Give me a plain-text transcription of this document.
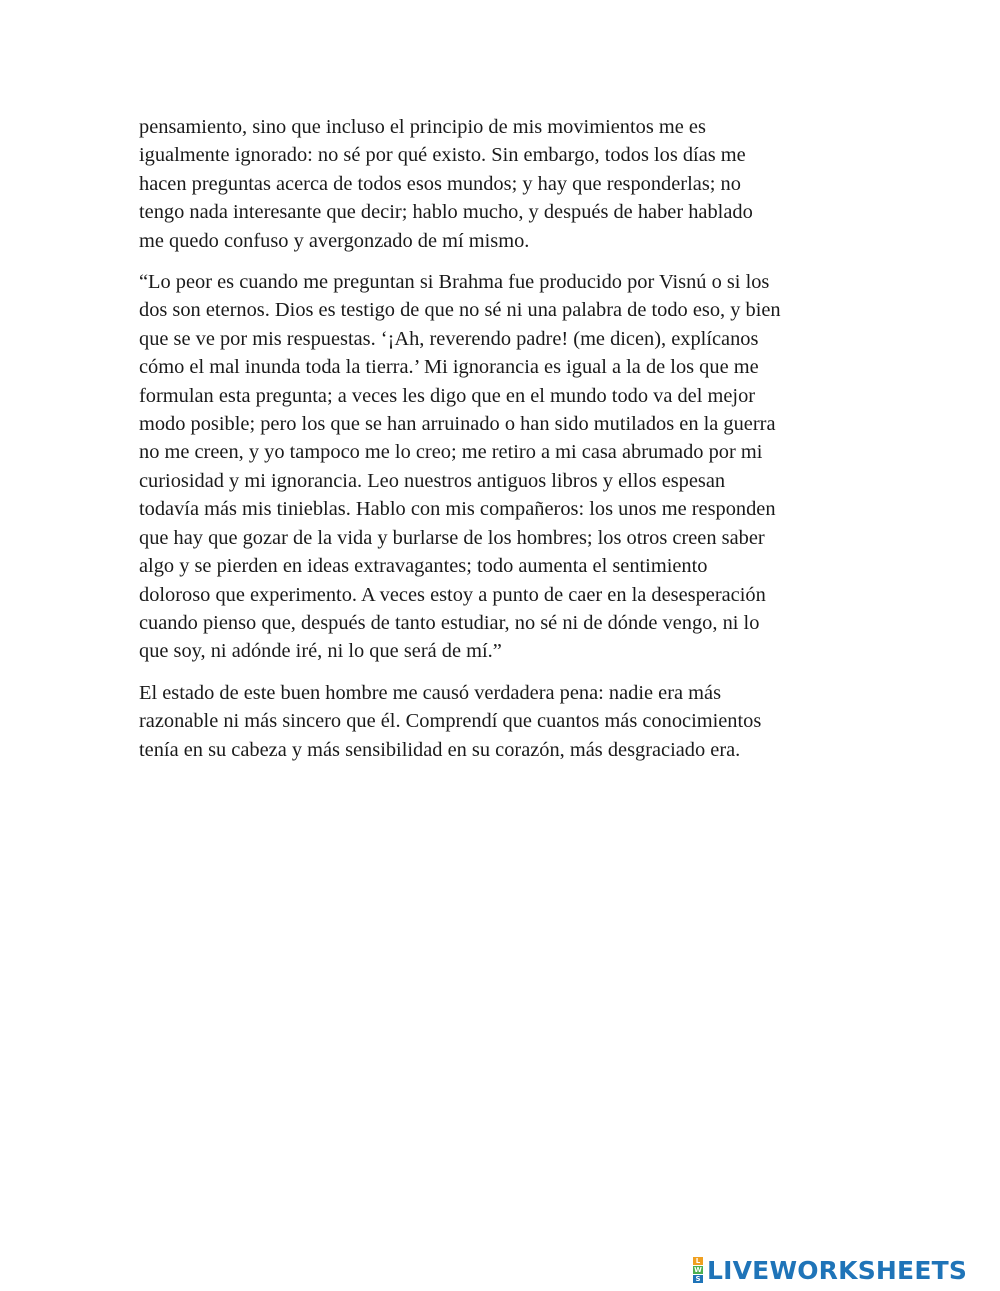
pensamiento, sino que incluso el principio de mis movimientos me es
igualmente ignorado: no sé por qué existo. Sin embargo, todos los días me
hacen preguntas acerca de todos esos mundos; y hay que responderlas; no
tengo nada interesante que decir; hablo mucho, y después de haber hablado
me quedo confuso y avergonzado de mí mismo.

“Lo peor es cuando me preguntan si Brahma fue producido por Visnú o si los
dos son eternos. Dios es testigo de que no sé ni una palabra de todo eso, y bien
que se ve por mis respuestas. ‘¡Ah, reverendo padre! (me dicen), explícanos
cómo el mal inunda toda la tierra.’ Mi ignorancia es igual a la de los que me
formulan esta pregunta; a veces les digo que en el mundo todo va del mejor
modo posible; pero los que se han arruinado o han sido mutilados en la guerra
no me creen, y yo tampoco me lo creo; me retiro a mi casa abrumado por mi
curiosidad y mi ignorancia. Leo nuestros antiguos libros y ellos espesan
todavía más mis tinieblas. Hablo con mis compañeros: los unos me responden
que hay que gozar de la vida y burlarse de los hombres; los otros creen saber
algo y se pierden en ideas extravagantes; todo aumenta el sentimiento
doloroso que experimento. A veces estoy a punto de caer en la desesperación
cuando pienso que, después de tanto estudiar, no sé ni de dónde vengo, ni lo
que soy, ni adónde iré, ni lo que será de mí.”

El estado de este buen hombre me causó verdadera pena: nadie era más
razonable ni más sincero que él. Comprendí que cuantos más conocimientos
tenía en su cabeza y más sensibilidad en su corazón, más desgraciado era.

L
W
S LIVEWORKSHEETS
